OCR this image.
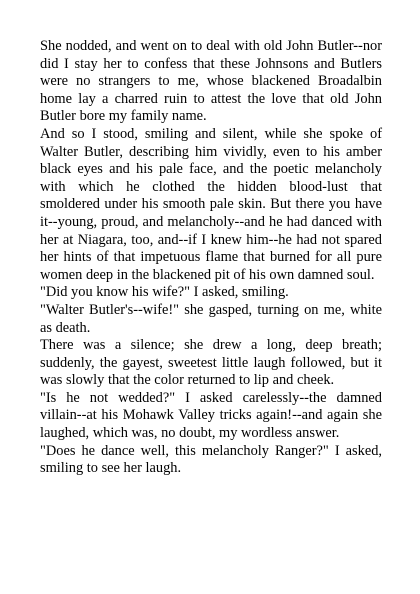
She nodded, and went on to deal with old John Butler--nor did I stay her to confess that these Johnsons and Butlers were no strangers to me, whose blackened Broadalbin home lay a charred ruin to attest the love that old John Butler bore my family name.

And so I stood, smiling and silent, while she spoke of Walter Butler, describing him vividly, even to his amber black eyes and his pale face, and the poetic melancholy with which he clothed the hidden blood-lust that smoldered under his smooth pale skin. But there you have it--young, proud, and melancholy--and he had danced with her at Niagara, too, and--if I knew him--he had not spared her hints of that impetuous flame that burned for all pure women deep in the blackened pit of his own damned soul.

"Did you know his wife?" I asked, smiling.

"Walter Butler's--wife!" she gasped, turning on me, white as death.

There was a silence; she drew a long, deep breath; suddenly, the gayest, sweetest little laugh followed, but it was slowly that the color returned to lip and cheek.

"Is he not wedded?" I asked carelessly--the damned villain--at his Mohawk Valley tricks again!--and again she laughed, which was, no doubt, my wordless answer.

"Does he dance well, this melancholy Ranger?" I asked, smiling to see her laugh.
